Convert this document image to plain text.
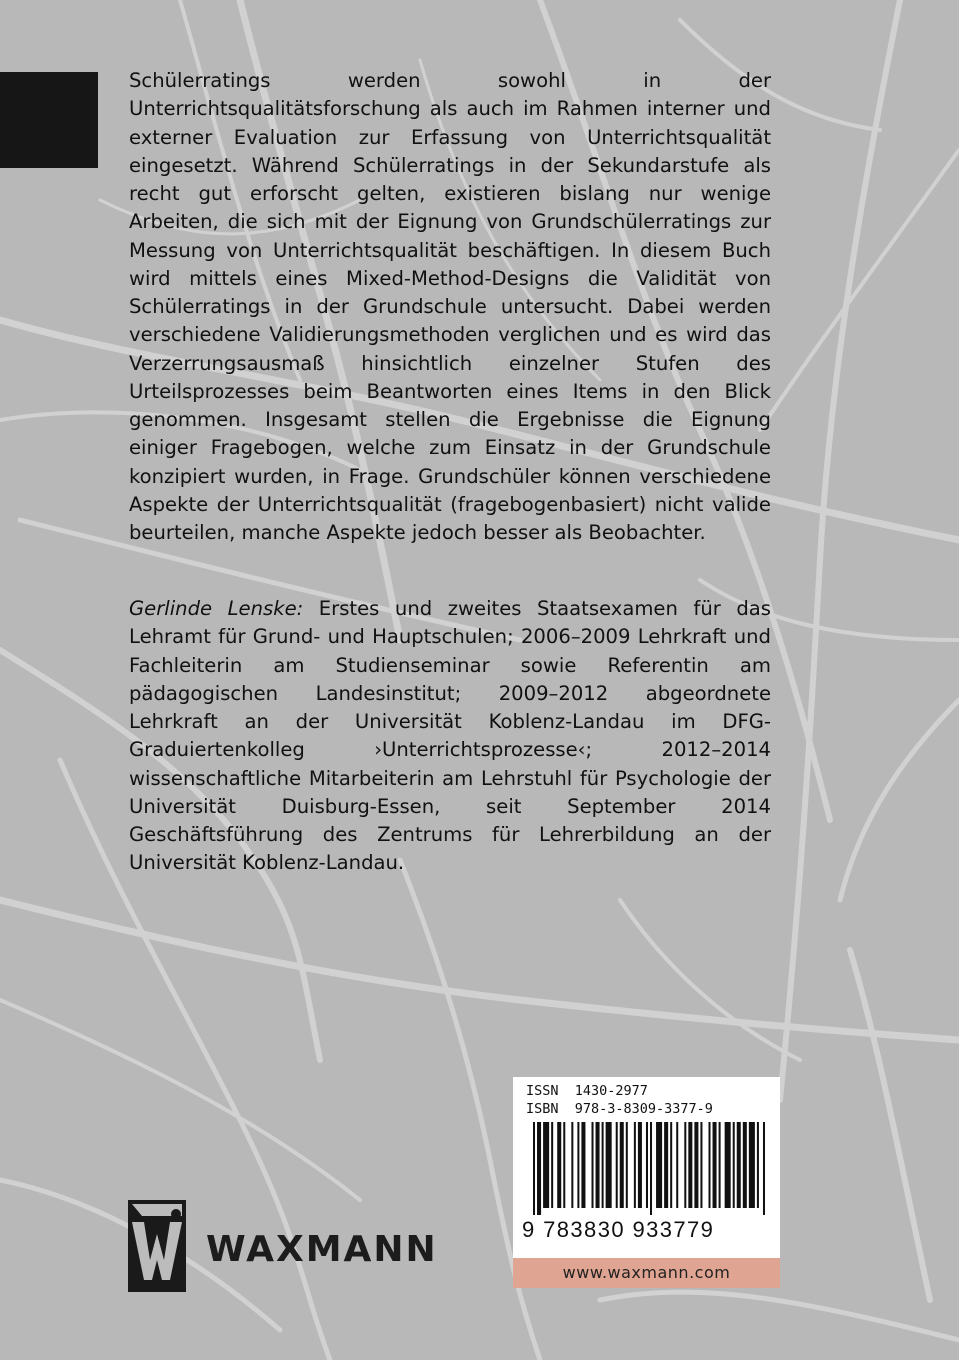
Schülerratings werden sowohl in der Unterrichtsqualitätsforschung als auch im Rahmen interner und externer Evaluation zur Erfassung von Unterrichtsqualität eingesetzt. Während Schülerratings in der Sekundarstufe als recht gut erforscht gelten, existieren bislang nur wenige Arbeiten, die sich mit der Eignung von Grundschülerratings zur Messung von Unterrichtsqualität beschäftigen. In diesem Buch wird mittels eines Mixed-Method-Designs die Validität von Schülerratings in der Grundschule untersucht. Dabei werden verschiedene Validierungsmethoden verglichen und es wird das Verzerrungsausmaß hinsichtlich einzelner Stufen des Urteilsprozesses beim Beantworten eines Items in den Blick genommen. Insgesamt stellen die Ergebnisse die Eignung einiger Fragebogen, welche zum Einsatz in der Grundschule konzipiert wurden, in Frage. Grundschüler können verschiedene Aspekte der Unterrichtsqualität (fragebogenbasiert) nicht valide beurteilen, manche Aspekte jedoch besser als Beobachter.

Gerlinde Lenske: Erstes und zweites Staatsexamen für das Lehramt für Grund- und Hauptschulen; 2006–2009 Lehrkraft und Fachleiterin am Studienseminar sowie Referentin am pädagogischen Landesinstitut; 2009–2012 abgeordnete Lehrkraft an der Universität Koblenz-Landau im DFG-Graduiertenkolleg ›Unterrichtsprozesse‹; 2012–2014 wissenschaftliche Mitarbeiterin am Lehrstuhl für Psychologie der Universität Duisburg-Essen, seit September 2014 Geschäftsführung des Zentrums für Lehrerbildung an der Universität Koblenz-Landau.

ISSN  1430-2977
ISBN  978-3-8309-3377-9
9 783830 933779
www.waxmann.com
WAXMANN
